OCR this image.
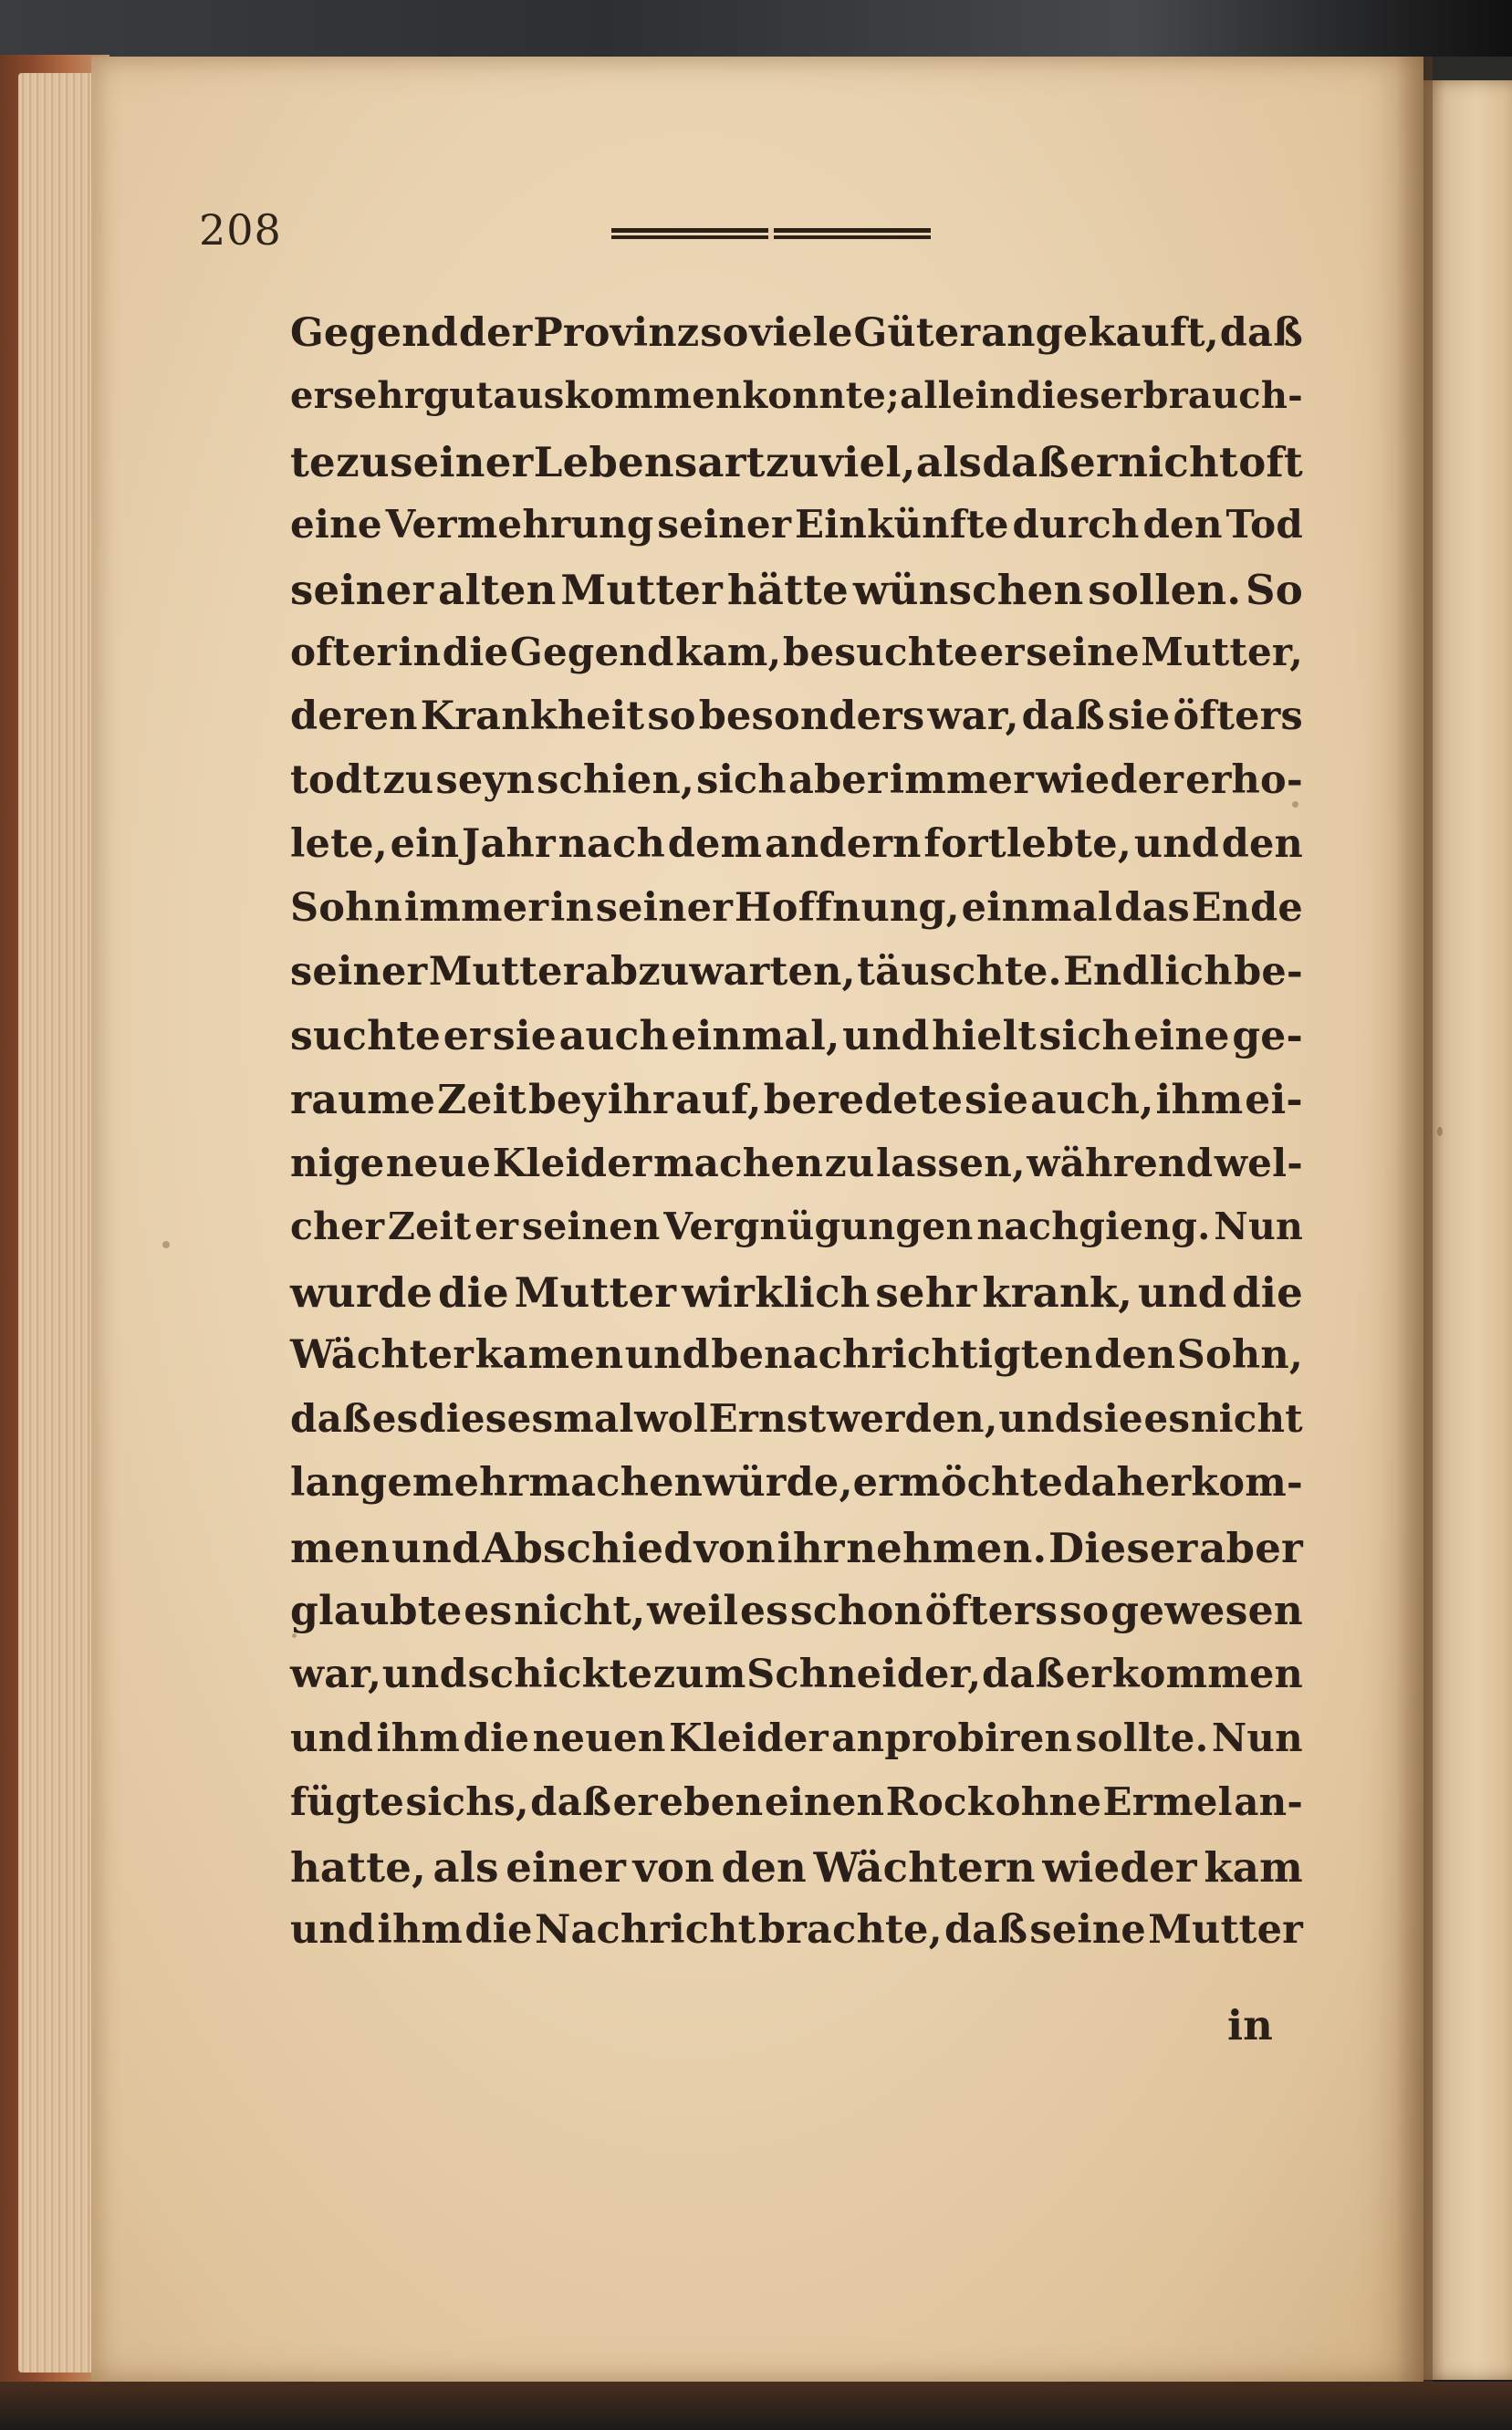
208
Gegend der Provinz so viele Güter angekauft, daß
er sehr gut auskommen konnte; allein dieser brauch-
te zu seiner Lebensart zu viel, als daß er nicht oft
eine Vermehrung seiner Einkünfte durch den Tod
seiner alten Mutter hätte wünschen sollen. So
oft er in die Gegend kam, besuchte er seine Mutter,
deren Krankheit so besonders war, daß sie öfters
todt zu seyn schien, sich aber immer wieder erho-
lete, ein Jahr nach dem andern fortlebte, und den
Sohn immer in seiner Hoffnung, einmal das Ende
seiner Mutter abzuwarten, täuschte. Endlich be-
suchte er sie auch einmal, und hielt sich eine ge-
raume Zeit bey ihr auf, beredete sie auch, ihm ei-
nige neue Kleider machen zu lassen, während wel-
cher Zeit er seinen Vergnügungen nachgieng. Nun
wurde die Mutter wirklich sehr krank, und die
Wächter kamen und benachrichtigten den Sohn,
daß es diesesmal wol Ernst werden, und sie es nicht
lange mehr machen würde, er möchte daher kom-
men und Abschied von ihr nehmen. Dieser aber
glaubte es nicht, weil es schon öfters so gewesen
war, und schickte zum Schneider, daß er kommen
und ihm die neuen Kleider anprobiren sollte. Nun
fügte sichs, daß er eben einen Rock ohne Ermel an-
hatte, als einer von den Wächtern wieder kam
und ihm die Nachricht brachte, daß seine Mutter
in
